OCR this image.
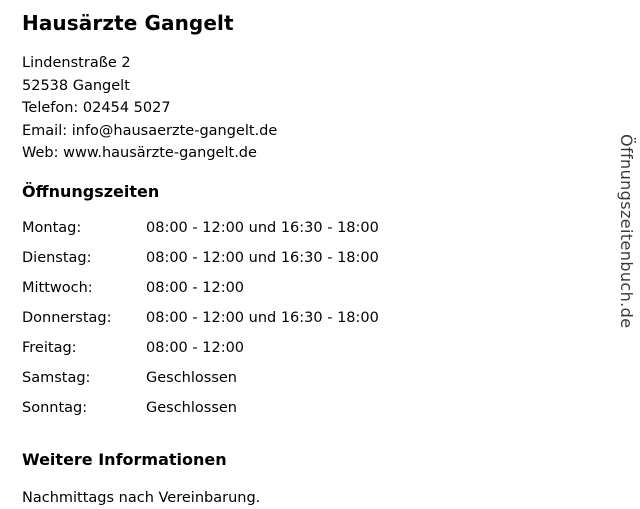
Hausärzte Gangelt
Lindenstraße 2
52538 Gangelt
Telefon: 02454 5027
Email: info@hausaerzte-gangelt.de
Web: www.hausärzte-gangelt.de
Öffnungszeiten
Montag:	08:00 - 12:00 und 16:30 - 18:00
Dienstag:	08:00 - 12:00 und 16:30 - 18:00
Mittwoch:	08:00 - 12:00
Donnerstag:	08:00 - 12:00 und 16:30 - 18:00
Freitag:	08:00 - 12:00
Samstag:	Geschlossen
Sonntag:	Geschlossen
Weitere Informationen

Nachmittags nach Vereinbarung.

Öffnungszeitenbuch.de
